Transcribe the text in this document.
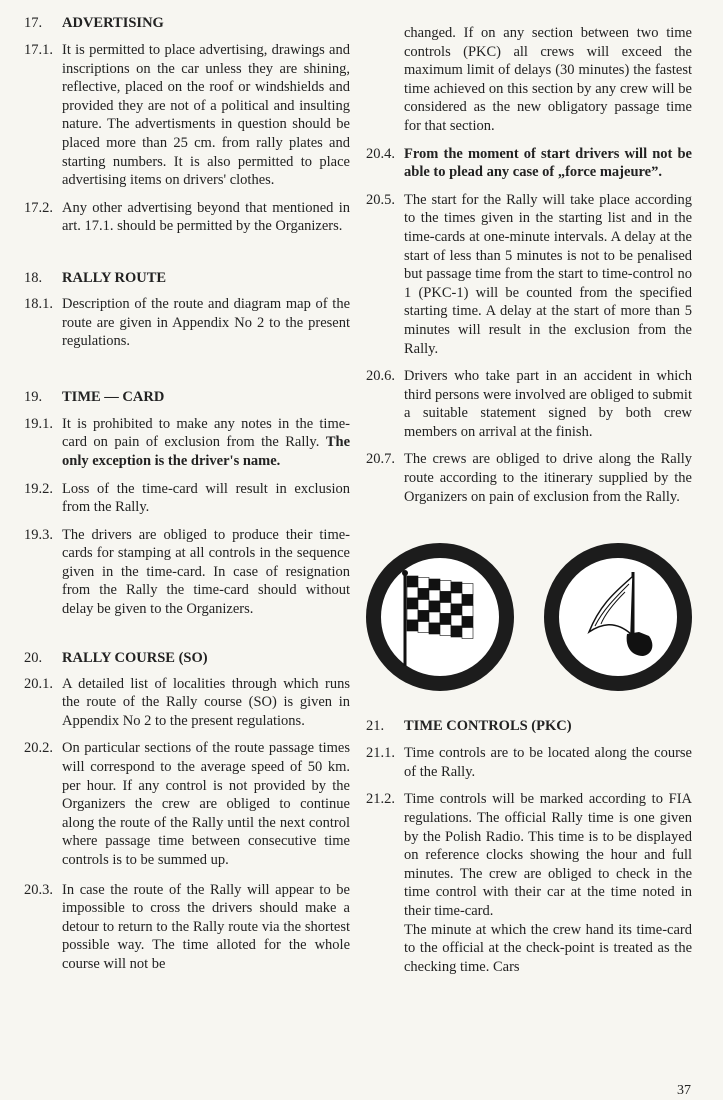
17.	ADVERTISING
17.1. It is permitted to place advertising, drawings and inscriptions on the car unless they are shining, reflective, placed on the roof or windshields and provided they are not of a political and insulting nature. The advertisments in question should be placed more than 25 cm. from rally plates and starting numbers. It is also permitted to place advertising items on drivers' clothes.
17.2. Any other advertising beyond that mentioned in art. 17.1. should be permitted by the Organizers.
18.	RALLY ROUTE
18.1. Description of the route and diagram map of the route are given in Appendix No 2 to the present regulations.
19.	TIME — CARD
19.1. It is prohibited to make any notes in the time-card on pain of exclusion from the Rally. The only exception is the driver's name.
19.2. Loss of the time-card will result in exclusion from the Rally.
19.3. The drivers are obliged to produce their time-cards for stamping at all controls in the sequence given in the time-card. In case of resignation from the Rally the time-card should without delay be given to the Organizers.
20.	RALLY COURSE (SO)
20.1. A detailed list of localities through which runs the route of the Rally course (SO) is given in Appendix No 2 to the present regulations.
20.2. On particular sections of the route passage times will correspond to the average speed of 50 km. per hour. If any control is not provided by the Organizers the crew are obliged to continue along the route of the Rally until the next control where passage time between consecutive time controls is to be summed up.
20.3. In case the route of the Rally will appear to be impossible to cross the drivers should make a detour to return to the Rally route via the shortest possible way. The time alloted for the whole course will not be
changed. If on any section between two time controls (PKC) all crews will exceed the maximum limit of delays (30 minutes) the fastest time achieved on this section by any crew will be considered as the new obligatory passage time for that section.
20.4. From the moment of start drivers will not be able to plead any case of „force majeure”.
20.5. The start for the Rally will take place according to the times given in the starting list and in the time-cards at one-minute intervals. A delay at the start of less than 5 minutes is not to be penalised but passage time from the start to time-control no 1 (PKC-1) will be counted from the specified starting time. A delay at the start of more than 5 minutes will result in the exclusion from the Rally.
20.6. Drivers who take part in an accident in which third persons were involved are obliged to submit a suitable statement signed by both crew members on arrival at the finish.
20.7. The crews are obliged to drive along the Rally route according to the itinerary supplied by the Organizers on pain of exclusion from the Rally.
21.	TIME CONTROLS (PKC)
21.1. Time controls are to be located along the course of the Rally.
21.2. Time controls will be marked according to FIA regulations. The official Rally time is one given by the Polish Radio. This time is to be displayed on reference clocks showing the hour and full minutes. The crew are obliged to check in the time control with their car at the time noted in their time-card.
The minute at which the crew hand its time-card to the official at the check-point is treated as the checking time. Cars
37
